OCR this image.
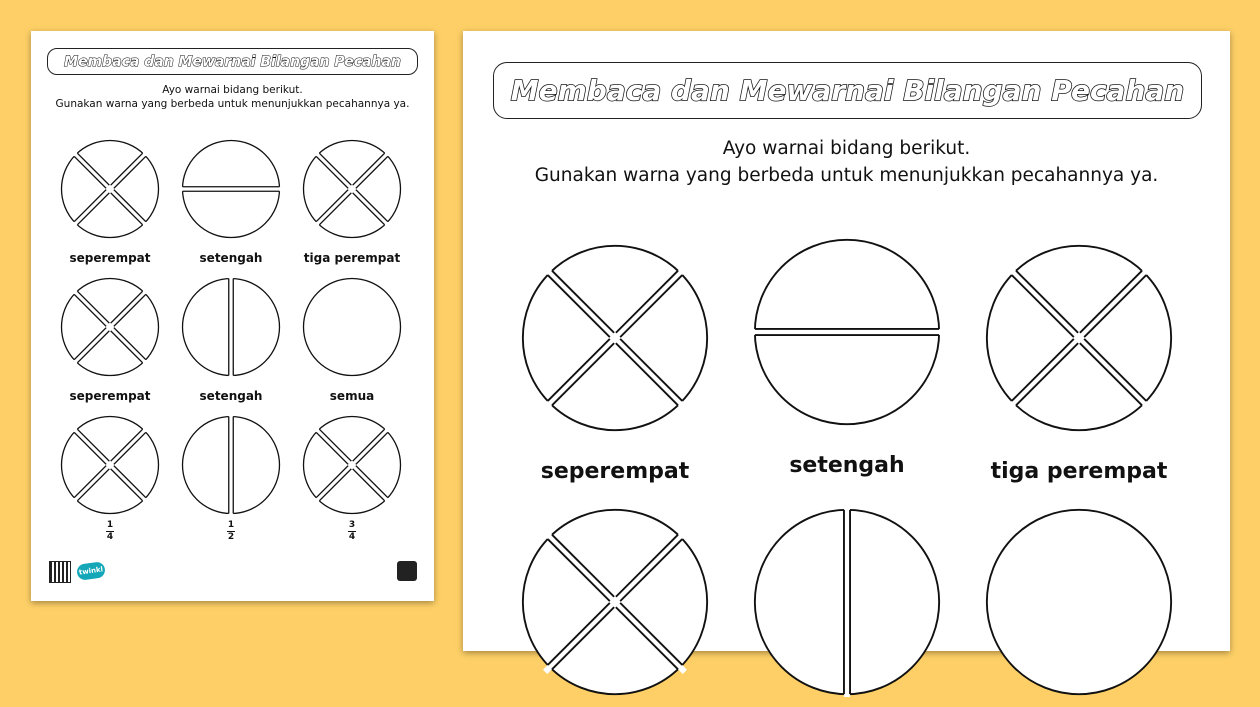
Membaca dan Mewarnai Bilangan Pecahan
Ayo warnai bidang berikut.
Gunakan warna yang berbeda untuk menunjukkan pecahannya ya.
seperempat	setengah	tiga perempat
seperempat	setengah	semua
1
4
1
2
3
4
twinkl
Membaca dan Mewarnai Bilangan Pecahan
Ayo warnai bidang berikut.
Gunakan warna yang berbeda untuk menunjukkan pecahannya ya.
seperempat	setengah	tiga perempat
